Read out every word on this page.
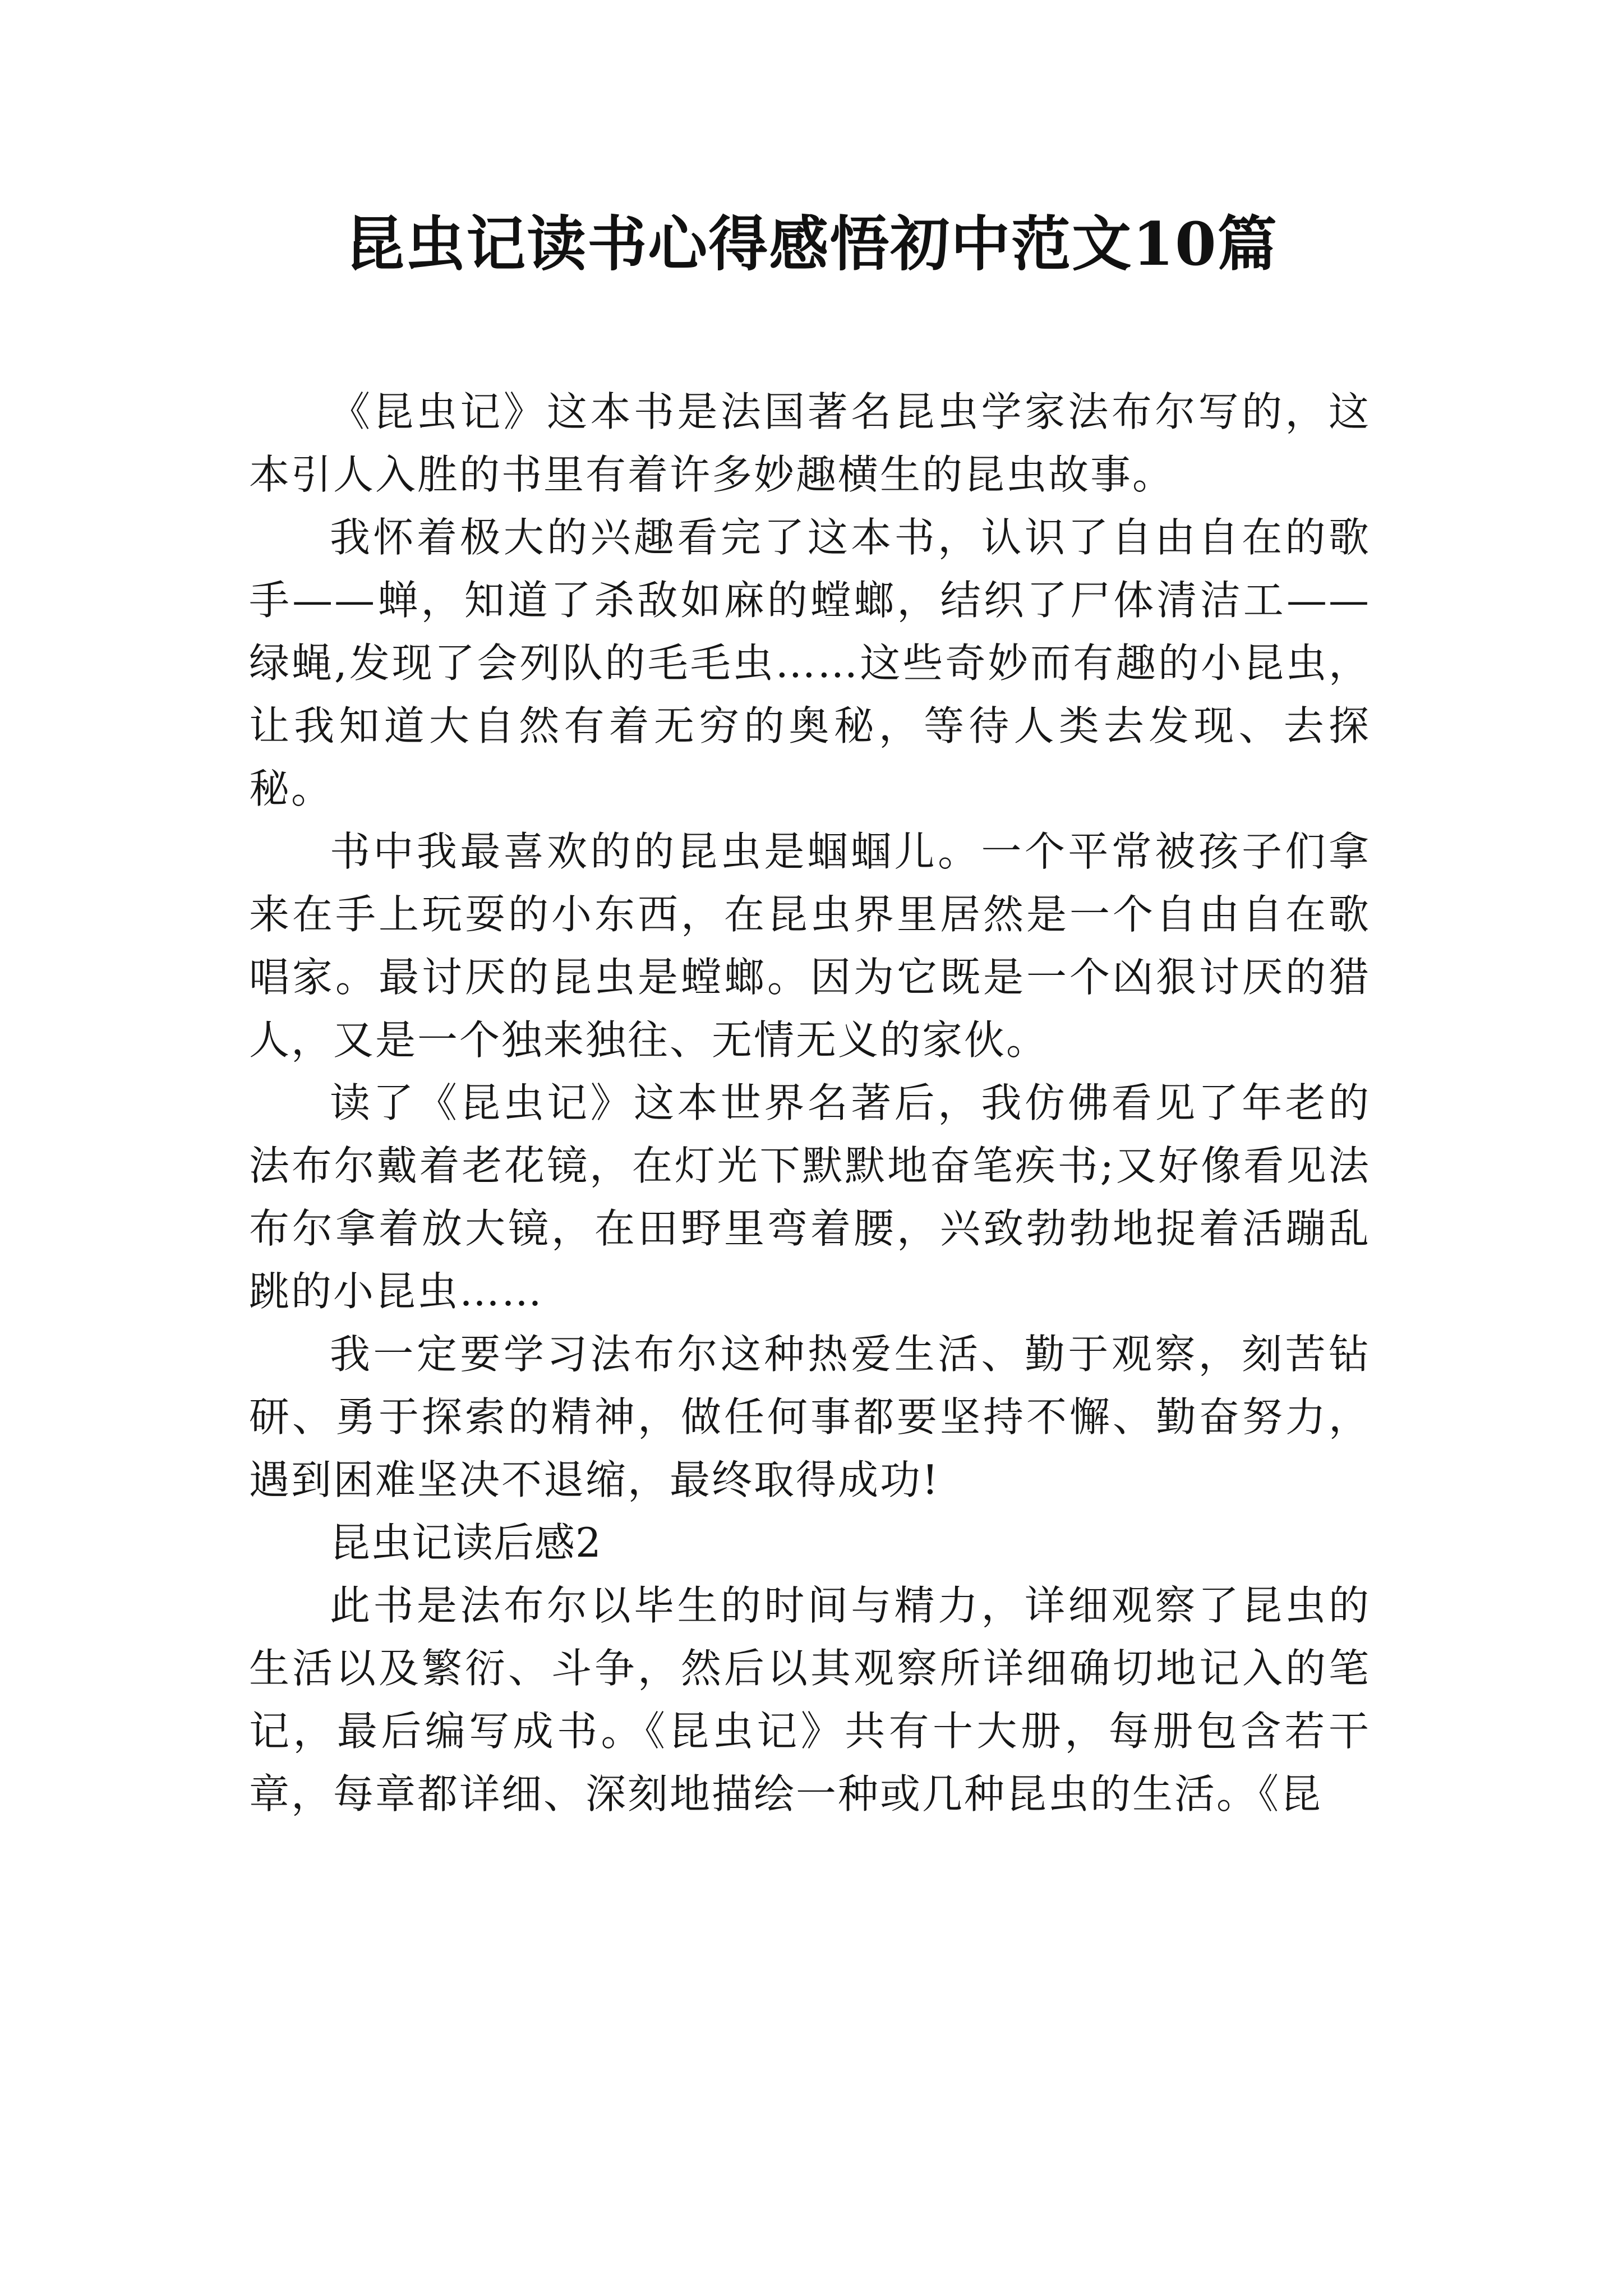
昆虫记读书心得感悟初中范文10篇

《昆虫记》这本书是法国著名昆虫学家法布尔写的，这本引人入胜的书里有着许多妙趣横生的昆虫故事。

我怀着极大的兴趣看完了这本书，认识了自由自在的歌手——蝉，知道了杀敌如麻的螳螂，结织了尸体清洁工——绿蝇,发现了会列队的毛毛虫……这些奇妙而有趣的小昆虫，让我知道大自然有着无穷的奥秘，等待人类去发现、去探秘。

书中我最喜欢的的昆虫是蝈蝈儿。一个平常被孩子们拿来在手上玩耍的小东西，在昆虫界里居然是一个自由自在歌唱家。最讨厌的昆虫是螳螂。因为它既是一个凶狠讨厌的猎人，又是一个独来独往、无情无义的家伙。

读了《昆虫记》这本世界名著后，我仿佛看见了年老的法布尔戴着老花镜，在灯光下默默地奋笔疾书;又好像看见法布尔拿着放大镜，在田野里弯着腰，兴致勃勃地捉着活蹦乱跳的小昆虫……

我一定要学习法布尔这种热爱生活、勤于观察，刻苦钻研、勇于探索的精神，做任何事都要坚持不懈、勤奋努力，遇到困难坚决不退缩，最终取得成功!

昆虫记读后感2

此书是法布尔以毕生的时间与精力，详细观察了昆虫的生活以及繁衍、斗争，然后以其观察所详细确切地记入的笔记，最后编写成书。《昆虫记》共有十大册，每册包含若干章，每章都详细、深刻地描绘一种或几种昆虫的生活。《昆
